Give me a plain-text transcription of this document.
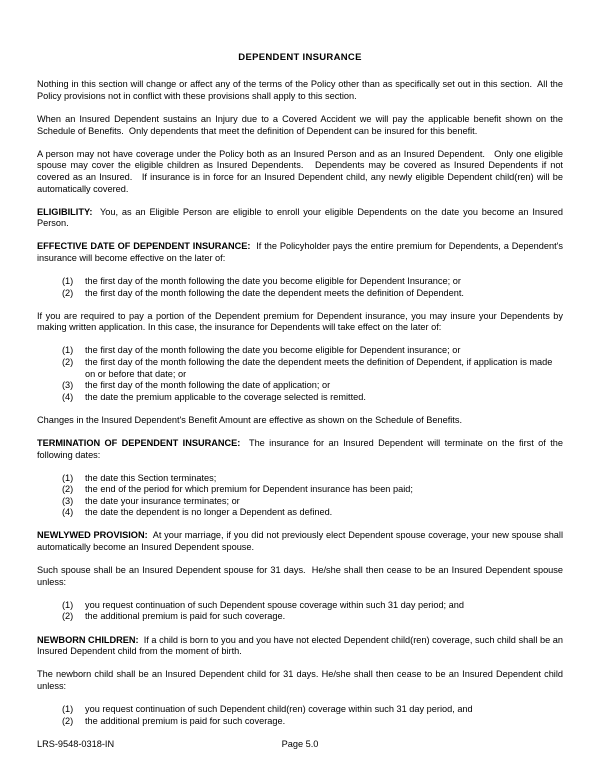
DEPENDENT INSURANCE

Nothing in this section will change or affect any of the terms of the Policy other than as specifically set out in this section.  All the Policy provisions not in conflict with these provisions shall apply to this section.

When an Insured Dependent sustains an Injury due to a Covered Accident we will pay the applicable benefit shown on the Schedule of Benefits.  Only dependents that meet the definition of Dependent can be insured for this benefit.

A person may not have coverage under the Policy both as an Insured Person and as an Insured Dependent.   Only one eligible spouse may cover the eligible children as Insured Dependents.   Dependents may be covered as Insured Dependents if not covered as an Insured.   If insurance is in force for an Insured Dependent child, any newly eligible Dependent child(ren) will be automatically covered.

ELIGIBILITY:  You, as an Eligible Person are eligible to enroll your eligible Dependents on the date you become an Insured Person.

EFFECTIVE DATE OF DEPENDENT INSURANCE:  If the Policyholder pays the entire premium for Dependents, a Dependent's insurance will become effective on the later of:

(1)	the first day of the month following the date you become eligible for Dependent Insurance; or
(2)	the first day of the month following the date the dependent meets the definition of Dependent.

If you are required to pay a portion of the Dependent premium for Dependent insurance, you may insure your Dependents by making written application. In this case, the insurance for Dependents will take effect on the later of:

(1)	the first day of the month following the date you become eligible for Dependent insurance; or
(2)	the first day of the month following the date the dependent meets the definition of Dependent, if application is made on or before that date; or
(3)	the first day of the month following the date of application; or
(4)	the date the premium applicable to the coverage selected is remitted.

Changes in the Insured Dependent's Benefit Amount are effective as shown on the Schedule of Benefits.

TERMINATION OF DEPENDENT INSURANCE:  The insurance for an Insured Dependent will terminate on the first of the following dates:

(1)	the date this Section terminates;
(2)	the end of the period for which premium for Dependent insurance has been paid;
(3)	the date your insurance terminates; or
(4)	the date the dependent is no longer a Dependent as defined.

NEWLYWED PROVISION:  At your marriage, if you did not previously elect Dependent spouse coverage, your new spouse shall automatically become an Insured Dependent spouse.

Such spouse shall be an Insured Dependent spouse for 31 days.  He/she shall then cease to be an Insured Dependent spouse unless:

(1)	you request continuation of such Dependent spouse coverage within such 31 day period; and
(2)	the additional premium is paid for such coverage.

NEWBORN CHILDREN:  If a child is born to you and you have not elected Dependent child(ren) coverage, such child shall be an Insured Dependent child from the moment of birth.

The newborn child shall be an Insured Dependent child for 31 days. He/she shall then cease to be an Insured Dependent child unless:

(1)	you request continuation of such Dependent child(ren) coverage within such 31 day period, and
(2)	the additional premium is paid for such coverage.
LRS-9548-0318-IN	Page 5.0
